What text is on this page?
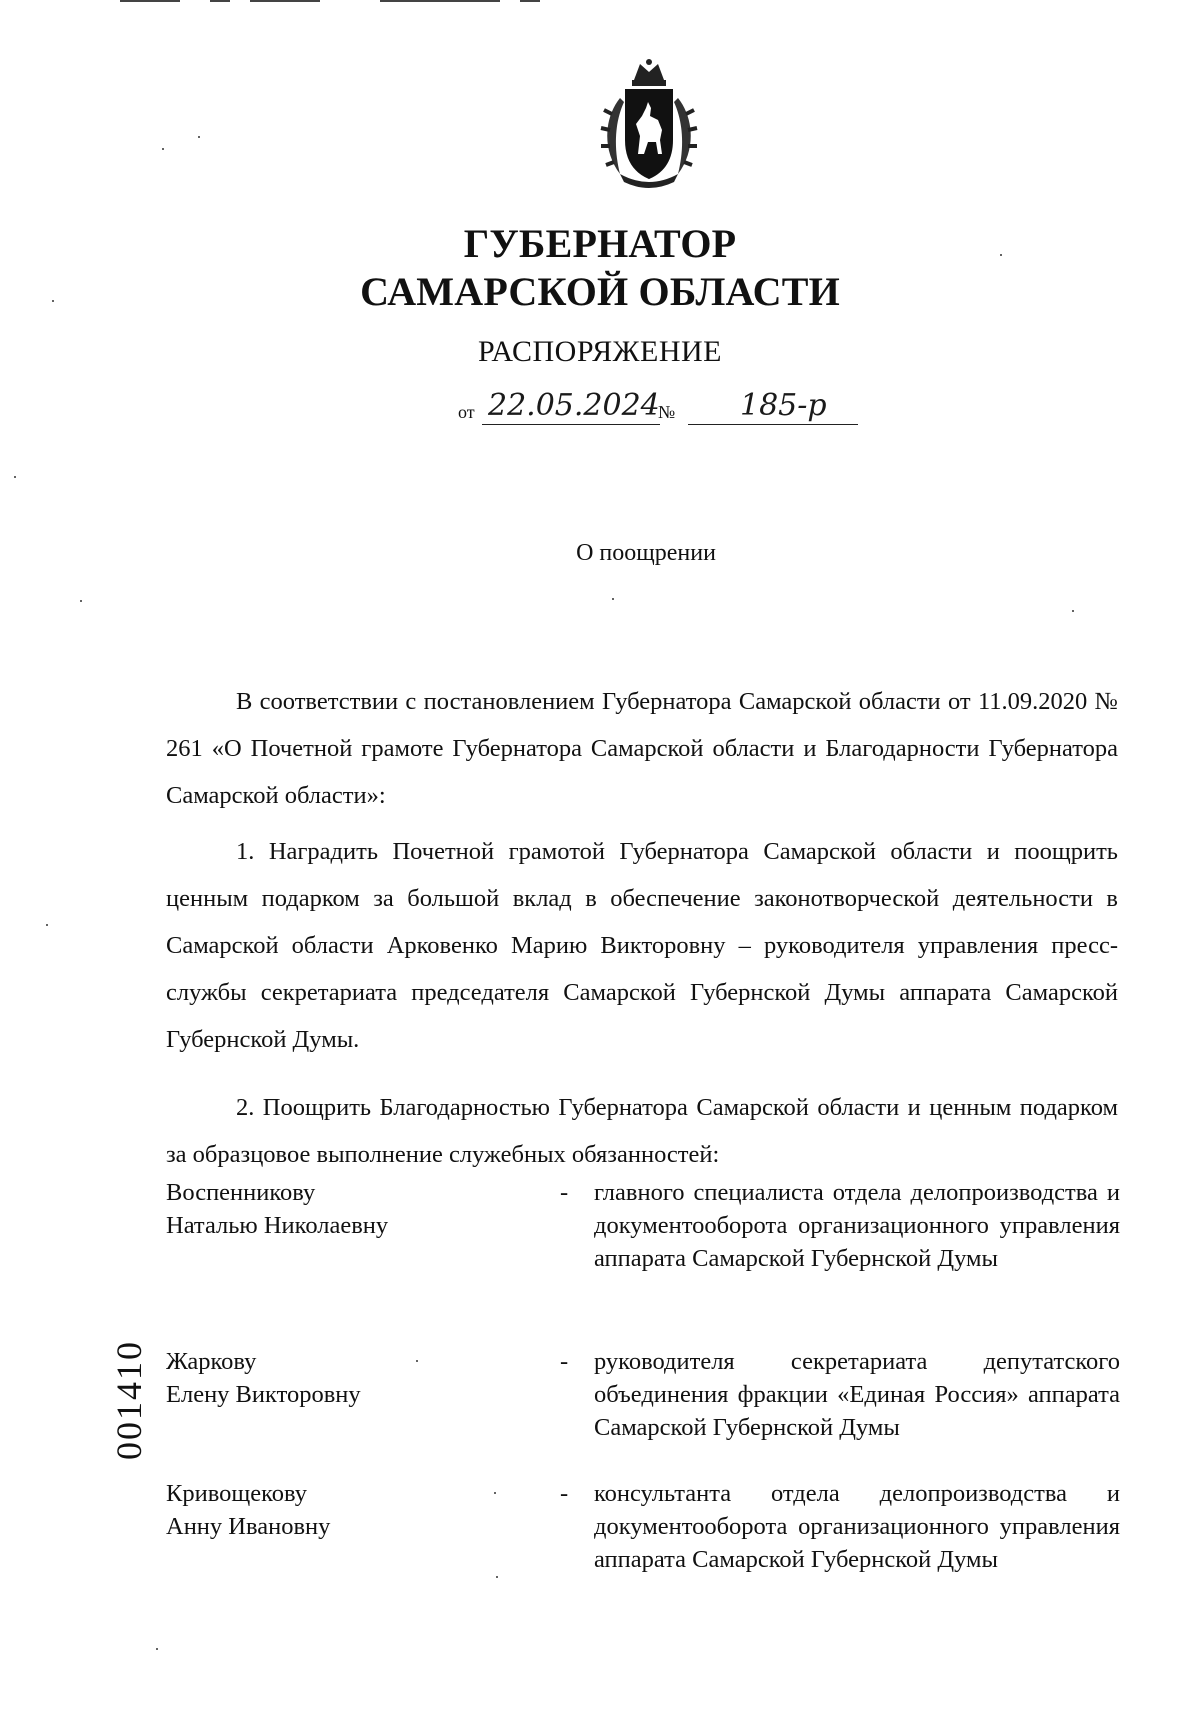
ГУБЕРНАТОР
САМАРСКОЙ ОБЛАСТИ
РАСПОРЯЖЕНИЕ
от 22.05.2024
№ 185-р
О поощрении

В соответствии с постановлением Губернатора Самарской области от 11.09.2020 № 261 «О Почетной грамоте Губернатора Самарской области и Благодарности Губернатора Самарской области»:

1. Наградить Почетной грамотой Губернатора Самарской области и поощрить ценным подарком за большой вклад в обеспечение законотворческой деятельности в Самарской области Арковенко Марию Викторовну – руководителя управления пресс-службы секретариата председателя Самарской Губернской Думы аппарата Самарской Губернской Думы.

2. Поощрить Благодарностью Губернатора Самарской области и ценным подарком за образцовое выполнение служебных обязанностей:

Воспенникову
Наталью Николаевну
- главного специалиста отдела делопроизводства и документооборота организационного управления аппарата Самарской Губернской Думы
Жаркову
Елену Викторовну
- руководителя секретариата депутатского объединения фракции «Единая Россия» аппарата Самарской Губернской Думы
Кривощекову
Анну Ивановну
- консультанта отдела делопроизводства и документооборота организационного управления аппарата Самарской Губернской Думы
001410
